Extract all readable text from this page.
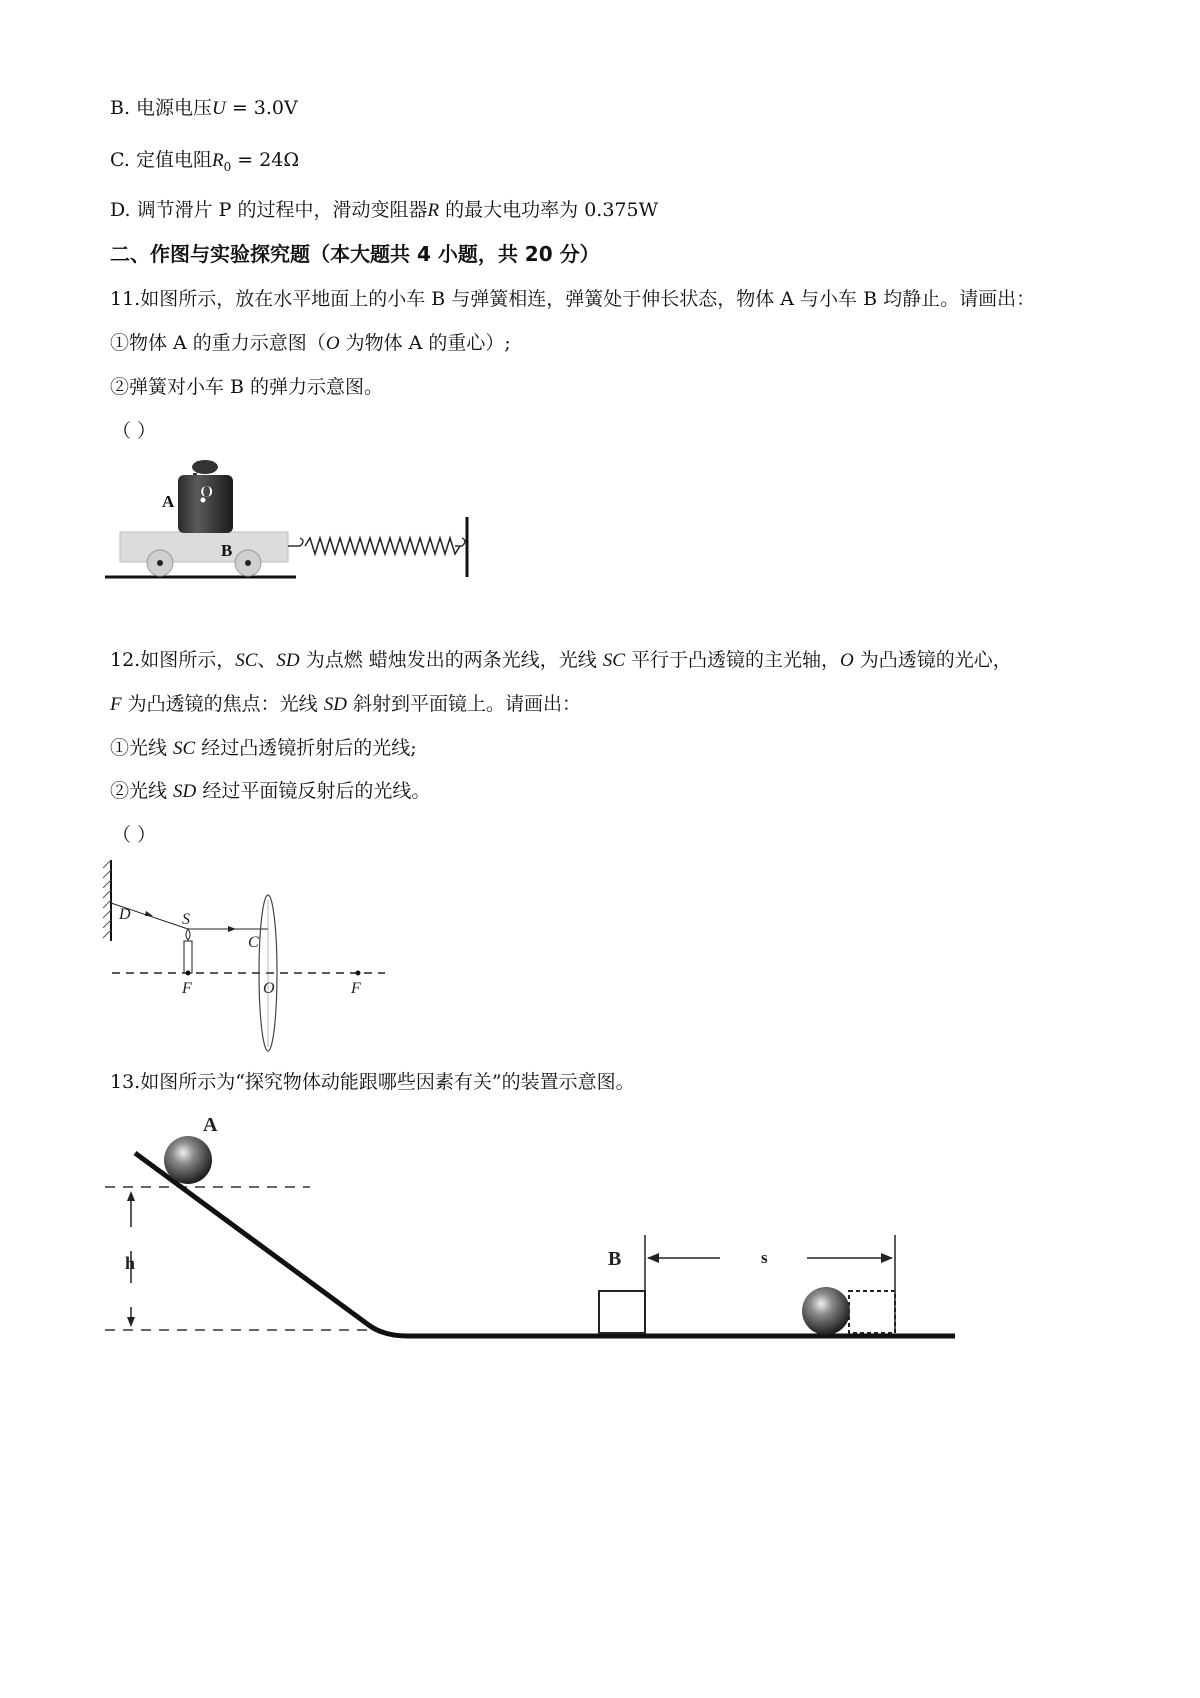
B. 电源电压U = 3.0V
C. 定值电阻$R_0 = 24\Omega$
D. 调节滑片 P 的过程中，滑动变阻器R 的最大电功率为 0.375W
二、作图与实验探究题（本大题共 4 小题，共 20 分）
11.如图所示，放在水平地面上的小车 B 与弹簧相连，弹簧处于伸长状态，物体 A 与小车 B 均静止。请画出：
①物体 A 的重力示意图（O 为物体 A 的重心）;
②弹簧对小车 B 的弹力示意图。
（ ）
A
O
B
12.如图所示，SC、SD 为点燃 蜡烛发出的两条光线，光线 SC 平行于凸透镜的主光轴，O 为凸透镜的光心，
F 为凸透镜的焦点：光线 SD 斜射到平面镜上。请画出：
①光线 SC 经过凸透镜折射后的光线;
②光线 SD 经过平面镜反射后的光线。
（ ）
D	S
C
F	O	F
13.如图所示为“探究物体动能跟哪些因素有关”的装置示意图。
h
A
B	s
